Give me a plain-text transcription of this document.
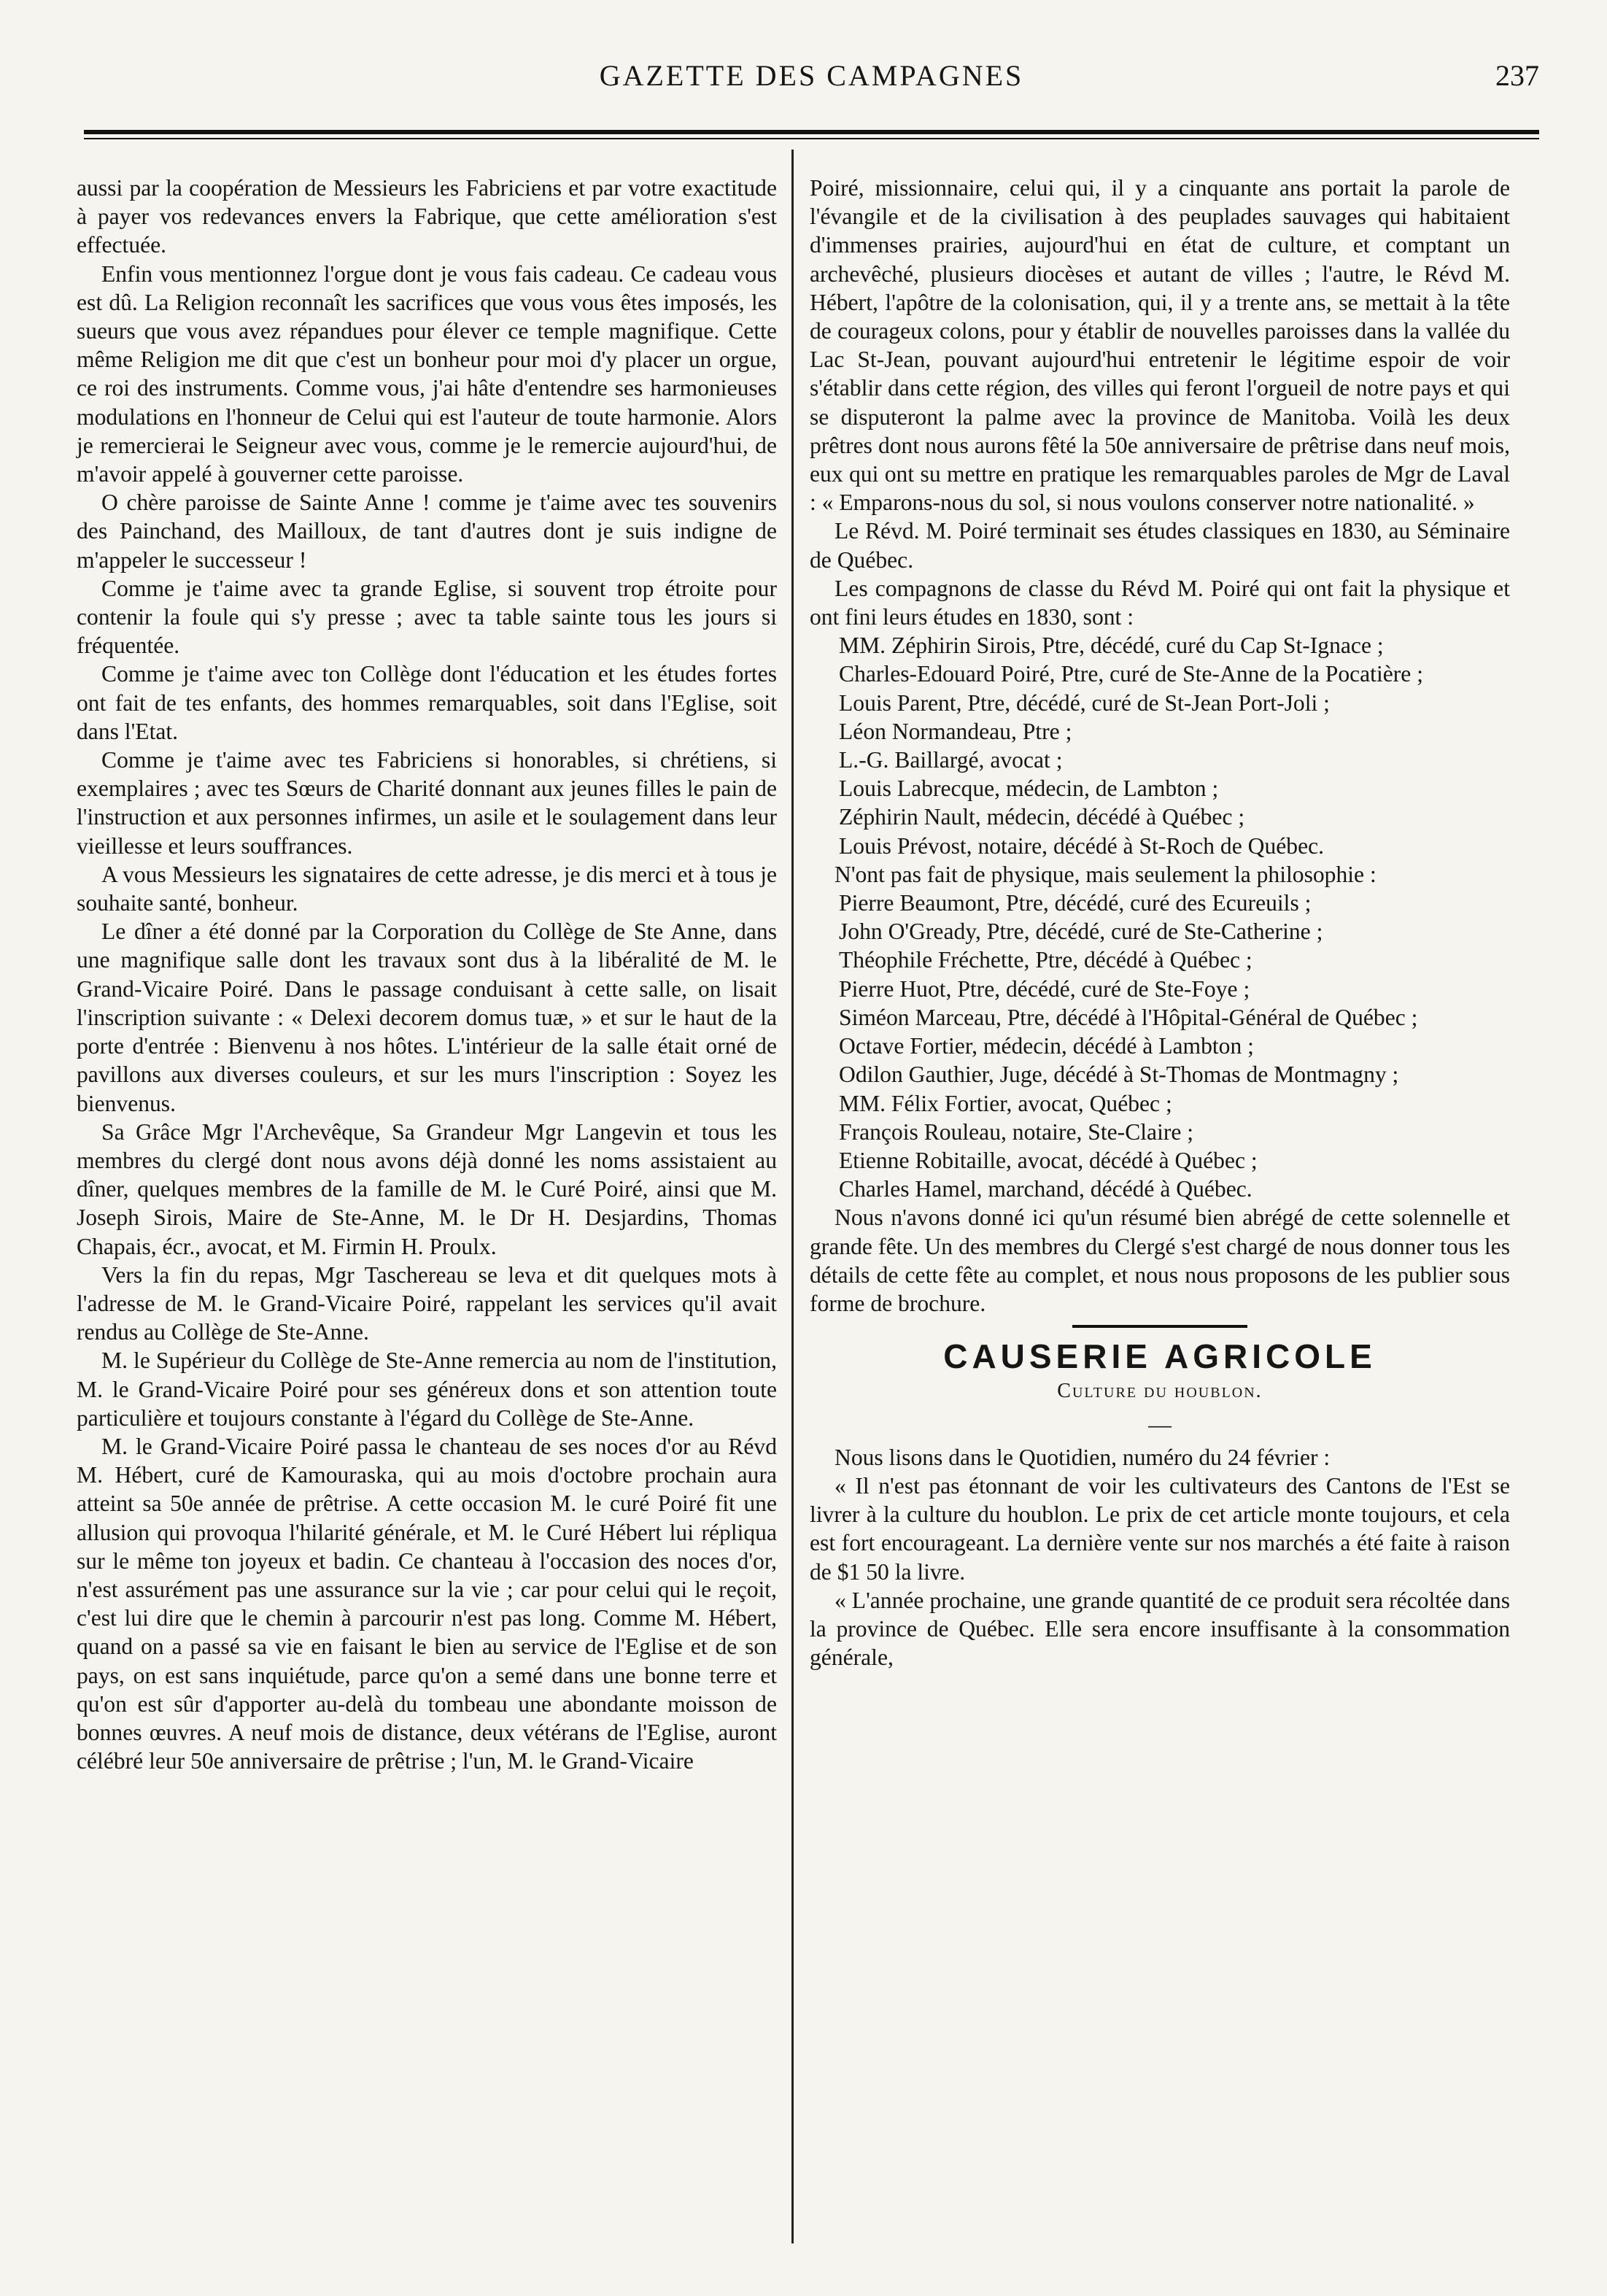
GAZETTE DES CAMPAGNES	237

aussi par la coopération de Messieurs les Fabriciens et par votre exactitude à payer vos redevances envers la Fabrique, que cette amélioration s'est effectuée.

Enfin vous mentionnez l'orgue dont je vous fais cadeau. Ce cadeau vous est dû. La Religion reconnaît les sacrifices que vous vous êtes imposés, les sueurs que vous avez répandues pour élever ce temple magnifique. Cette même Religion me dit que c'est un bonheur pour moi d'y placer un orgue, ce roi des instruments. Comme vous, j'ai hâte d'entendre ses harmonieuses modulations en l'honneur de Celui qui est l'auteur de toute harmonie. Alors je remercierai le Seigneur avec vous, comme je le remercie aujourd'hui, de m'avoir appelé à gouverner cette paroisse.

O chère paroisse de Sainte Anne ! comme je t'aime avec tes souvenirs des Painchand, des Mailloux, de tant d'autres dont je suis indigne de m'appeler le successeur !

Comme je t'aime avec ta grande Eglise, si souvent trop étroite pour contenir la foule qui s'y presse ; avec ta table sainte tous les jours si fréquentée.

Comme je t'aime avec ton Collège dont l'éducation et les études fortes ont fait de tes enfants, des hommes remarquables, soit dans l'Eglise, soit dans l'Etat.

Comme je t'aime avec tes Fabriciens si honorables, si chrétiens, si exemplaires ; avec tes Sœurs de Charité donnant aux jeunes filles le pain de l'instruction et aux personnes infirmes, un asile et le soulagement dans leur vieillesse et leurs souffrances.

A vous Messieurs les signataires de cette adresse, je dis merci et à tous je souhaite santé, bonheur.

Le dîner a été donné par la Corporation du Collège de Ste Anne, dans une magnifique salle dont les travaux sont dus à la libéralité de M. le Grand-Vicaire Poiré. Dans le passage conduisant à cette salle, on lisait l'inscription suivante : « Delexi decorem domus tuæ, » et sur le haut de la porte d'entrée : Bienvenu à nos hôtes. L'intérieur de la salle était orné de pavillons aux diverses couleurs, et sur les murs l'inscription : Soyez les bienvenus.

Sa Grâce Mgr l'Archevêque, Sa Grandeur Mgr Langevin et tous les membres du clergé dont nous avons déjà donné les noms assistaient au dîner, quelques membres de la famille de M. le Curé Poiré, ainsi que M. Joseph Sirois, Maire de Ste-Anne, M. le Dr H. Desjardins, Thomas Chapais, écr., avocat, et M. Firmin H. Proulx.

Vers la fin du repas, Mgr Taschereau se leva et dit quelques mots à l'adresse de M. le Grand-Vicaire Poiré, rappelant les services qu'il avait rendus au Collège de Ste-Anne.

M. le Supérieur du Collège de Ste-Anne remercia au nom de l'institution, M. le Grand-Vicaire Poiré pour ses généreux dons et son attention toute particulière et toujours constante à l'égard du Collège de Ste-Anne.

M. le Grand-Vicaire Poiré passa le chanteau de ses noces d'or au Révd M. Hébert, curé de Kamouraska, qui au mois d'octobre prochain aura atteint sa 50e année de prêtrise. A cette occasion M. le curé Poiré fit une allusion qui provoqua l'hilarité générale, et M. le Curé Hébert lui répliqua sur le même ton joyeux et badin. Ce chanteau à l'occasion des noces d'or, n'est assurément pas une assurance sur la vie ; car pour celui qui le reçoit, c'est lui dire que le chemin à parcourir n'est pas long. Comme M. Hébert, quand on a passé sa vie en faisant le bien au service de l'Eglise et de son pays, on est sans inquiétude, parce qu'on a semé dans une bonne terre et qu'on est sûr d'apporter au-delà du tombeau une abondante moisson de bonnes œuvres. A neuf mois de distance, deux vétérans de l'Eglise, auront célébré leur 50e anniversaire de prêtrise ; l'un, M. le Grand-Vicaire

Poiré, missionnaire, celui qui, il y a cinquante ans portait la parole de l'évangile et de la civilisation à des peuplades sauvages qui habitaient d'immenses prairies, aujourd'hui en état de culture, et comptant un archevêché, plusieurs diocèses et autant de villes ; l'autre, le Révd M. Hébert, l'apôtre de la colonisation, qui, il y a trente ans, se mettait à la tête de courageux colons, pour y établir de nouvelles paroisses dans la vallée du Lac St-Jean, pouvant aujourd'hui entretenir le légitime espoir de voir s'établir dans cette région, des villes qui feront l'orgueil de notre pays et qui se disputeront la palme avec la province de Manitoba. Voilà les deux prêtres dont nous aurons fêté la 50e anniversaire de prêtrise dans neuf mois, eux qui ont su mettre en pratique les remarquables paroles de Mgr de Laval : « Emparons-nous du sol, si nous voulons conserver notre nationalité. »

Le Révd. M. Poiré terminait ses études classiques en 1830, au Séminaire de Québec.

Les compagnons de classe du Révd M. Poiré qui ont fait la physique et ont fini leurs études en 1830, sont :

MM. Zéphirin Sirois, Ptre, décédé, curé du Cap St-Ignace ;

Charles-Edouard Poiré, Ptre, curé de Ste-Anne de la Pocatière ;

Louis Parent, Ptre, décédé, curé de St-Jean Port-Joli ;

Léon Normandeau, Ptre ;

L.-G. Baillargé, avocat ;

Louis Labrecque, médecin, de Lambton ;

Zéphirin Nault, médecin, décédé à Québec ;

Louis Prévost, notaire, décédé à St-Roch de Québec.

N'ont pas fait de physique, mais seulement la philosophie :

Pierre Beaumont, Ptre, décédé, curé des Ecureuils ;

John O'Gready, Ptre, décédé, curé de Ste-Catherine ;

Théophile Fréchette, Ptre, décédé à Québec ;

Pierre Huot, Ptre, décédé, curé de Ste-Foye ;

Siméon Marceau, Ptre, décédé à l'Hôpital-Général de Québec ;

Octave Fortier, médecin, décédé à Lambton ;

Odilon Gauthier, Juge, décédé à St-Thomas de Montmagny ;

MM. Félix Fortier, avocat, Québec ;

François Rouleau, notaire, Ste-Claire ;

Etienne Robitaille, avocat, décédé à Québec ;

Charles Hamel, marchand, décédé à Québec.

Nous n'avons donné ici qu'un résumé bien abrégé de cette solennelle et grande fête. Un des membres du Clergé s'est chargé de nous donner tous les détails de cette fête au complet, et nous nous proposons de les publier sous forme de brochure.

CAUSERIE AGRICOLE
Culture du houblon.
—

Nous lisons dans le Quotidien, numéro du 24 février :

« Il n'est pas étonnant de voir les cultivateurs des Cantons de l'Est se livrer à la culture du houblon. Le prix de cet article monte toujours, et cela est fort encourageant. La dernière vente sur nos marchés a été faite à raison de $1 50 la livre.

« L'année prochaine, une grande quantité de ce produit sera récoltée dans la province de Québec. Elle sera encore insuffisante à la consommation générale,
